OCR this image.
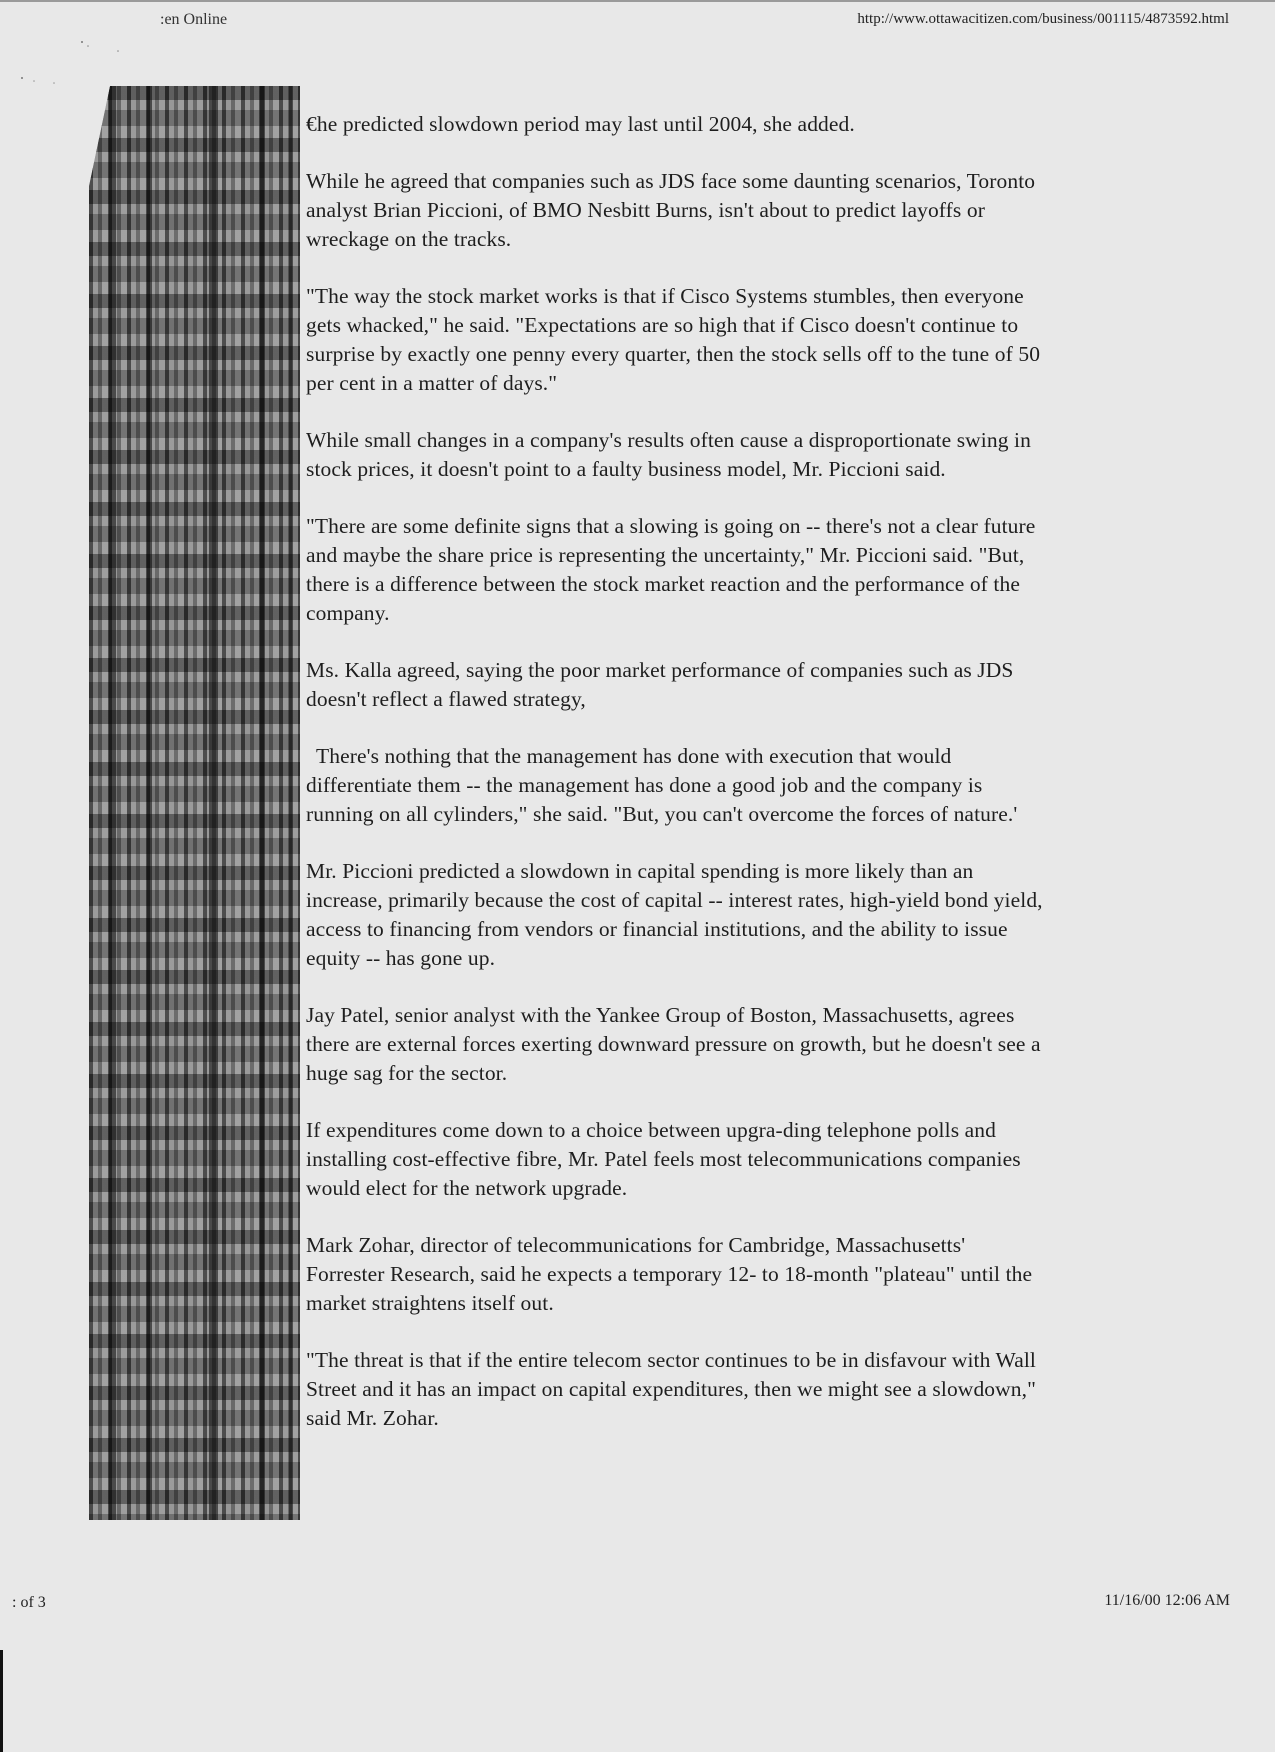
:en Online	http://www.ottawacitizen.com/business/001115/4873592.html

€he predicted slowdown period may last until 2004, she added.

While he agreed that companies such as JDS face some daunting scenarios, Toronto analyst Brian Piccioni, of BMO Nesbitt Burns, isn't about to predict layoffs or wreckage on the tracks.

"The way the stock market works is that if Cisco Systems stumbles, then everyone gets whacked," he said. "Expectations are so high that if Cisco doesn't continue to surprise by exactly one penny every quarter, then the stock sells off to the tune of 50 per cent in a matter of days."

While small changes in a company's results often cause a disproportionate swing in stock prices, it doesn't point to a faulty business model, Mr. Piccioni said.

"There are some definite signs that a slowing is going on -- there's not a clear future and maybe the share price is representing the uncertainty," Mr. Piccioni said. "But, there is a difference between the stock market reaction and the performance of the company.

Ms. Kalla agreed, saying the poor market performance of companies such as JDS doesn't reflect a flawed strategy,

There's nothing that the management has done with execution that would differentiate them -- the management has done a good job and the company is running on all cylinders," she said. "But, you can't overcome the forces of nature.'

Mr. Piccioni predicted a slowdown in capital spending is more likely than an increase, primarily because the cost of capital -- interest rates, high-yield bond yield, access to financing from vendors or financial institutions, and the ability to issue equity -- has gone up.

Jay Patel, senior analyst with the Yankee Group of Boston, Massachusetts, agrees there are external forces exerting downward pressure on growth, but he doesn't see a huge sag for the sector.

If expenditures come down to a choice between upgra-ding telephone polls and installing cost-effective fibre, Mr. Patel feels most telecommunications companies would elect for the network upgrade.

Mark Zohar, director of telecommunications for Cambridge, Massachusetts' Forrester Research, said he expects a temporary 12- to 18-month "plateau" until the market straightens itself out.

"The threat is that if the entire telecom sector continues to be in disfavour with Wall Street and it has an impact on capital expenditures, then we might see a slowdown," said Mr. Zohar.

: of 3	11/16/00 12:06 AM
